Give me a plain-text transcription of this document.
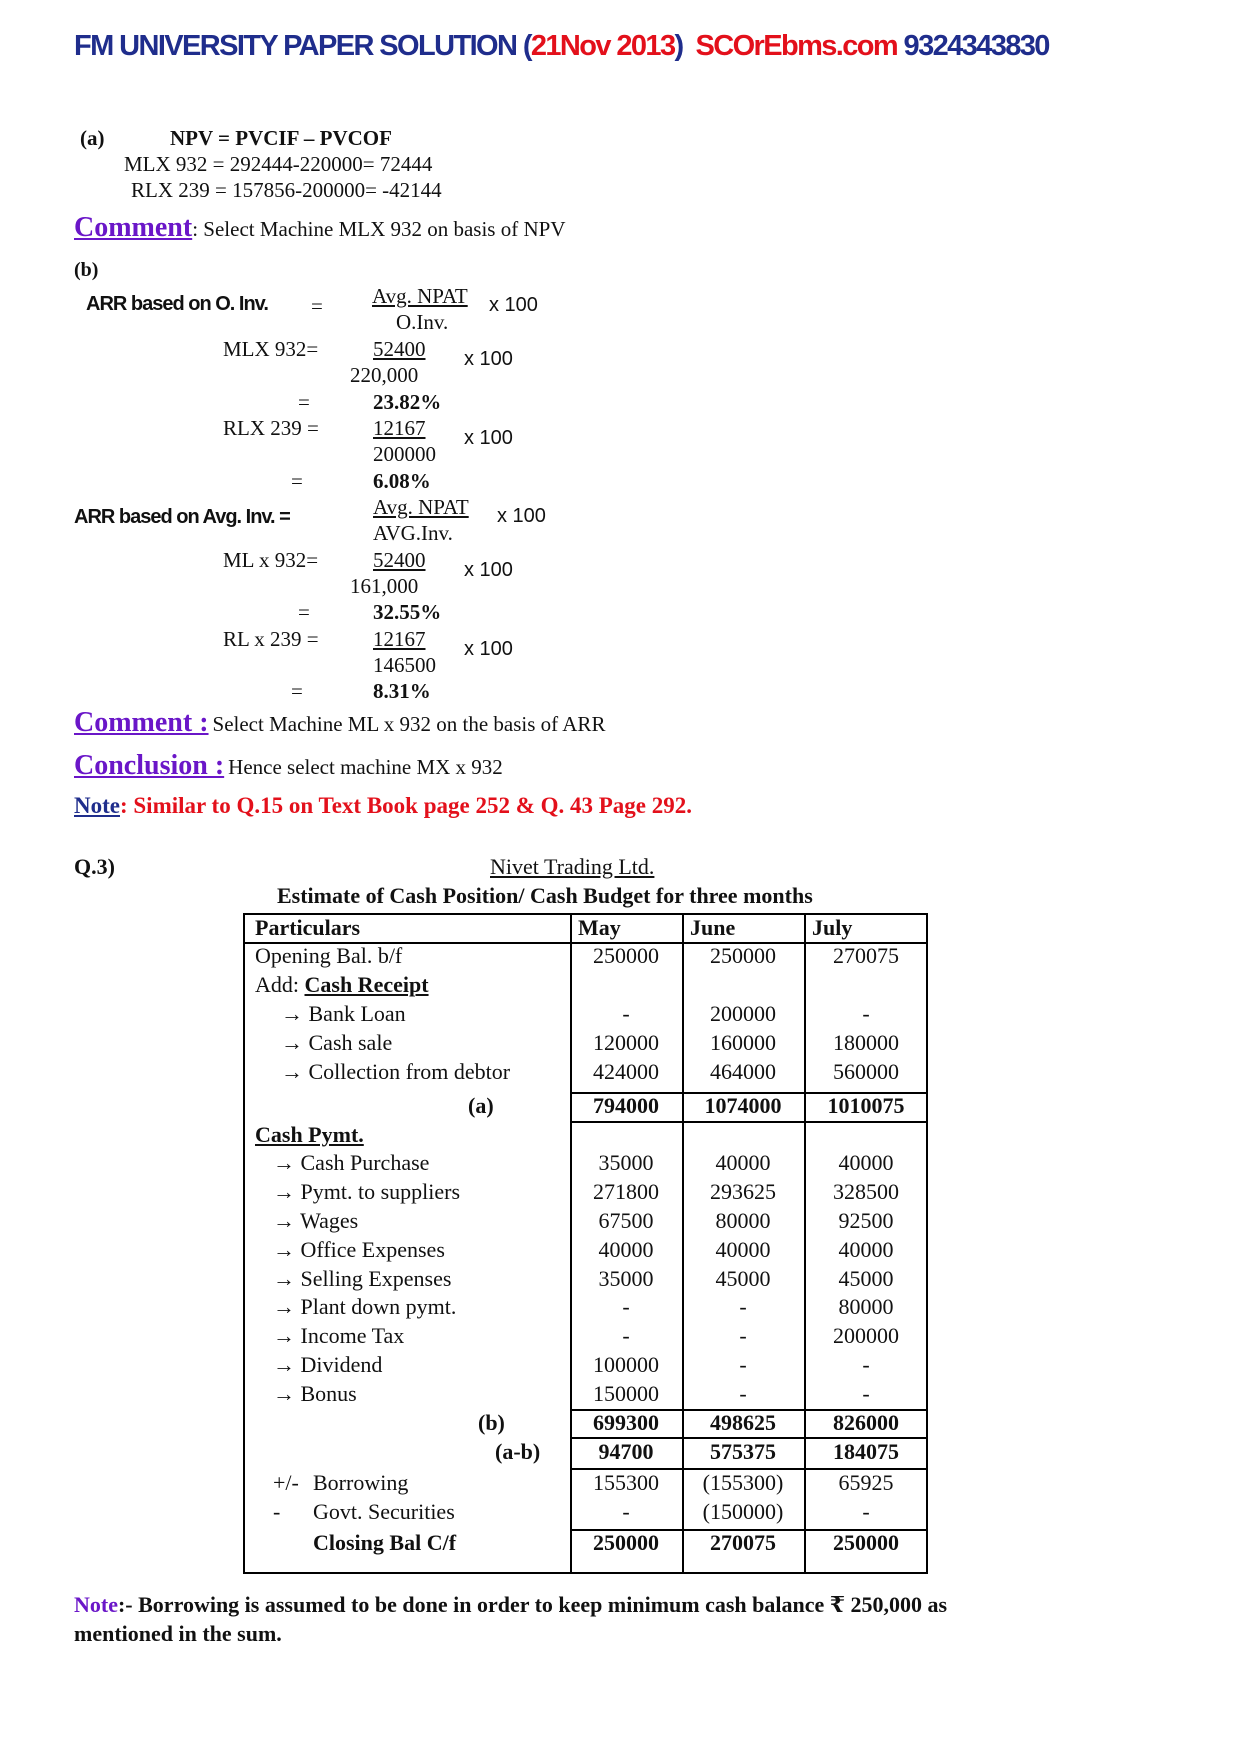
FM UNIVERSITY PAPER SOLUTION (21Nov 2013) SCOrEbms.com 9324343830
(a)	NPV = PVCIF – PVCOF
MLX 932 = 292444-220000= 72444
RLX 239 = 157856-200000= -42144
Comment: Select Machine MLX 932 on basis of NPV
(b)
ARR based on O. Inv. = Avg. NPAT
O.Inv.
x 100
MLX 932=	52400
220,000
x 100
=	23.82%
RLX 239 =	12167
200000
x 100
=	6.08%
ARR based on Avg. Inv. =	Avg. NPAT
AVG.Inv.
x 100
ML x 932=	52400
161,000
x 100
=	32.55%
RL x 239 =	12167
146500
x 100
=	8.31%
Comment : Select Machine ML x 932 on the basis of ARR
Conclusion : Hence select machine MX x 932
Note: Similar to Q.15 on Text Book page 252 & Q. 43 Page 292.
Q.3)	Nivet Trading Ltd.
Estimate of Cash Position/ Cash Budget for three months
Particulars	May	June	July
Opening Bal. b/f	250000	250000	270075
Add: Cash Receipt
→ Bank Loan	-	200000	-
→ Cash sale	120000	160000	180000
→ Collection from debtor	424000	464000	560000
(a)	794000	1074000	1010075
Cash Pymt.
→ Cash Purchase	35000	40000	40000
→ Pymt. to suppliers	271800	293625	328500
→ Wages	67500	80000	92500
→ Office Expenses	40000	40000	40000
→ Selling Expenses	35000	45000	45000
→ Plant down pymt.	-	-	80000
→ Income Tax	-	-	200000
→ Dividend	100000	-	-
→ Bonus	150000	-	-
(b)	699300	498625	826000
(a-b)	94700	575375	184075
+/-Borrowing	155300	(155300)	65925
-Govt. Securities	-	(150000)	-
Closing Bal C/f	250000	270075	250000
Note:- Borrowing is assumed to be done in order to keep minimum cash balance ₹ 250,000 as
mentioned in the sum.
